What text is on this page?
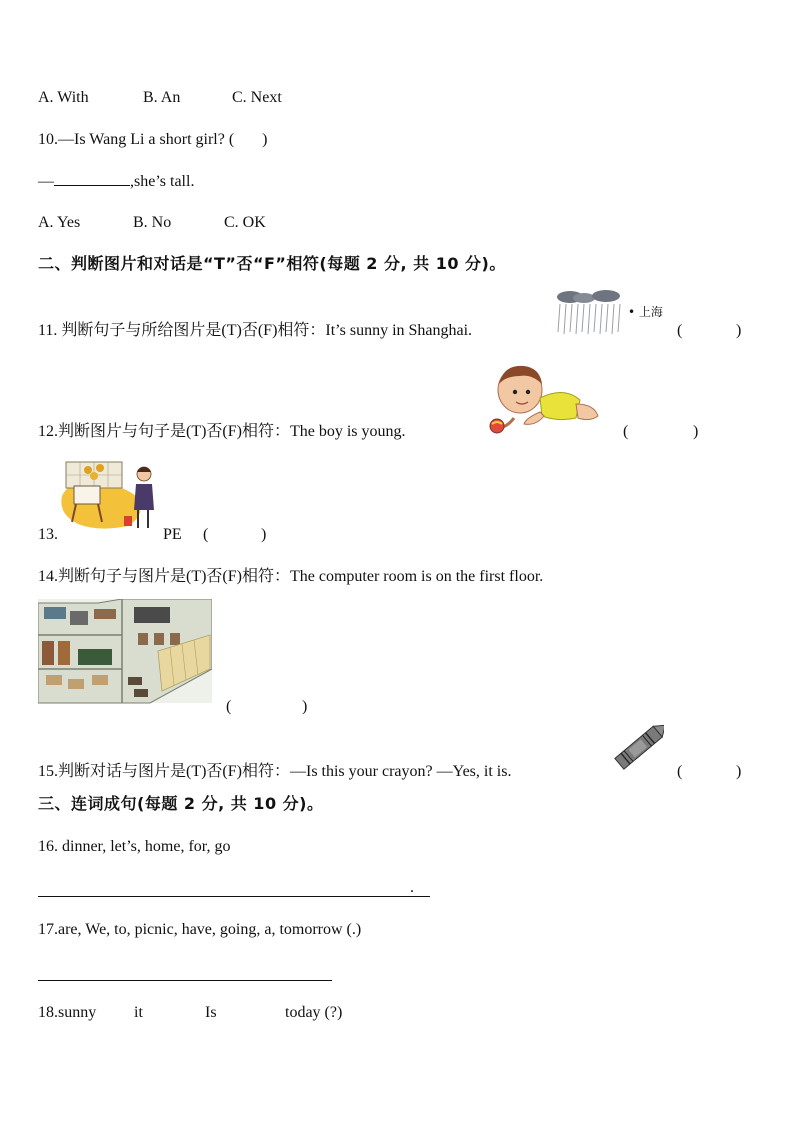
A. With	B. An	C. Next
10.—Is Wang Li a short girl? ( )
—	,she’s tall.
A. Yes	B. No	C. OK
二、判断图片和对话是“T”否“F”相符(每题 2 分, 共 10 分)。
11. 判断句子与所给图片是(T)否(F)相符：It’s sunny in Shanghai.
• 上海
(	)
12.判断图片与句子是(T)否(F)相符：The boy is young.	(	)
13.	PE (	)
14.判断句子与图片是(T)否(F)相符：The computer room is on the first floor.
(	)
15.判断对话与图片是(T)否(F)相符：—Is this your crayon? —Yes, it is.	(	)
三、连词成句(每题 2 分, 共 10 分)。
16. dinner, let’s, home, for, go
.
17.are, We, to, picnic, have, going, a, tomorrow (.)
18.sunny it	Is	today (?)
